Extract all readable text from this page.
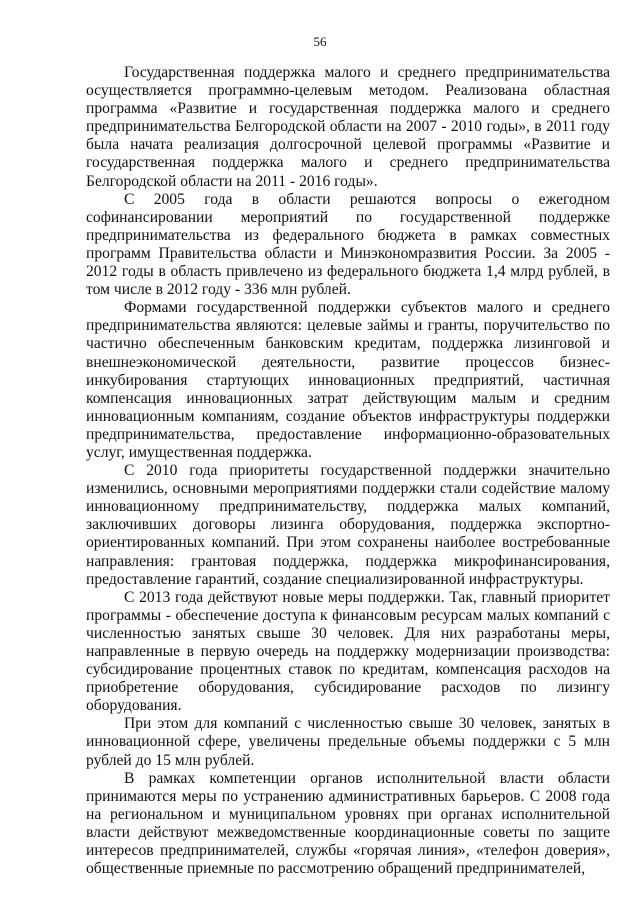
56

Государственная поддержка малого и среднего предпринимательства осуществляется программно-целевым методом. Реализована областная программа «Развитие и государственная поддержка малого и среднего предпринимательства Белгородской области на 2007 - 2010 годы», в 2011 году была начата реализация долгосрочной целевой программы «Развитие и государственная поддержка малого и среднего предпринимательства Белгородской области на 2011 - 2016 годы».

С 2005 года в области решаются вопросы о ежегодном софинансировании мероприятий по государственной поддержке предпринимательства из федерального бюджета в рамках совместных программ Правительства области и Минэкономразвития России. За 2005 - 2012 годы в область привлечено из федерального бюджета 1,4 млрд рублей, в том числе в 2012 году - 336 млн рублей.

Формами государственной поддержки субъектов малого и среднего предпринимательства являются: целевые займы и гранты, поручительство по частично обеспеченным банковским кредитам, поддержка лизинговой и внешнеэкономической деятельности, развитие процессов бизнес-инкубирования стартующих инновационных предприятий, частичная компенсация инновационных затрат действующим малым и средним инновационным компаниям, создание объектов инфраструктуры поддержки предпринимательства, предоставление информационно-образовательных услуг, имущественная поддержка.

С 2010 года приоритеты государственной поддержки значительно изменились, основными мероприятиями поддержки стали содействие малому инновационному предпринимательству, поддержка малых компаний, заключивших договоры лизинга оборудования, поддержка экспортно-ориентированных компаний. При этом сохранены наиболее востребованные направления: грантовая поддержка, поддержка микрофинансирования, предоставление гарантий, создание специализированной инфраструктуры.

С 2013 года действуют новые меры поддержки. Так, главный приоритет программы - обеспечение доступа к финансовым ресурсам малых компаний с численностью занятых свыше 30 человек. Для них разработаны меры, направленные в первую очередь на поддержку модернизации производства: субсидирование процентных ставок по кредитам, компенсация расходов на приобретение оборудования, субсидирование расходов по лизингу оборудования.

При этом для компаний с численностью свыше 30 человек, занятых в инновационной сфере, увеличены предельные объемы поддержки с 5 млн рублей до 15 млн рублей.

В рамках компетенции органов исполнительной власти области принимаются меры по устранению административных барьеров. С 2008 года на региональном и муниципальном уровнях при органах исполнительной власти действуют межведомственные координационные советы по защите интересов предпринимателей, службы «горячая линия», «телефон доверия», общественные приемные по рассмотрению обращений предпринимателей,
